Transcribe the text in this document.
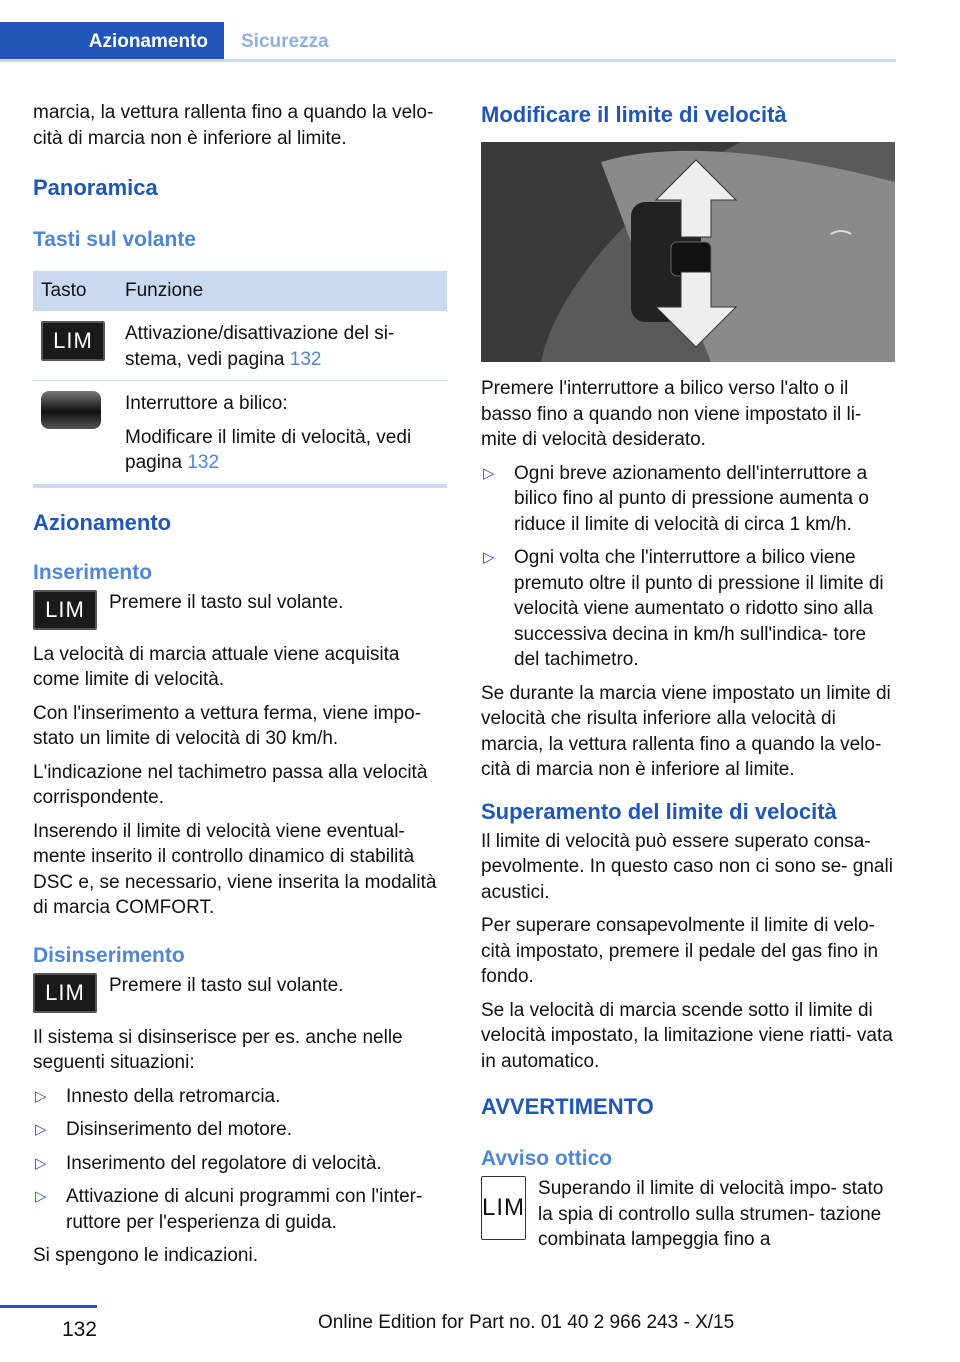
Azionamento	Sicurezza

marcia, la vettura rallenta fino a quando la velo- cità di marcia non è inferiore al limite.

Panoramica
Tasti sul volante
Tasto	Funzione
LIM	Attivazione/disattivazione del si- stema, vedi pagina 132

	Interruttore a bilico:

Modificare il limite di velocità, vedi pagina 132
Azionamento
Inserimento
LIM	Premere il tasto sul volante.

La velocità di marcia attuale viene acquisita come limite di velocità.

Con l'inserimento a vettura ferma, viene impo- stato un limite di velocità di 30 km/h.

L'indicazione nel tachimetro passa alla velocità corrispondente.

Inserendo il limite di velocità viene eventual- mente inserito il controllo dinamico di stabilità DSC e, se necessario, viene inserita la modalità di marcia COMFORT.

Disinserimento
LIM	Premere il tasto sul volante.

Il sistema si disinserisce per es. anche nelle seguenti situazioni:

▷ Innesto della retromarcia.
▷ Disinserimento del motore.
▷ Inserimento del regolatore di velocità.
▷ Attivazione di alcuni programmi con l'inter- ruttore per l'esperienza di guida.

Si spengono le indicazioni.

Modificare il limite di velocità

Premere l'interruttore a bilico verso l'alto o il basso fino a quando non viene impostato il li- mite di velocità desiderato.

▷ Ogni breve azionamento dell'interruttore a bilico fino al punto di pressione aumenta o riduce il limite di velocità di circa 1 km/h.
▷ Ogni volta che l'interruttore a bilico viene premuto oltre il punto di pressione il limite di velocità viene aumentato o ridotto sino alla successiva decina in km/h sull'indica- tore del tachimetro.

Se durante la marcia viene impostato un limite di velocità che risulta inferiore alla velocità di marcia, la vettura rallenta fino a quando la velo- cità di marcia non è inferiore al limite.

Superamento del limite di velocità

Il limite di velocità può essere superato consa- pevolmente. In questo caso non ci sono se- gnali acustici.

Per superare consapevolmente il limite di velo- cità impostato, premere il pedale del gas fino in fondo.

Se la velocità di marcia scende sotto il limite di velocità impostato, la limitazione viene riatti- vata in automatico.

AVVERTIMENTO
Avviso ottico
LIM

Superando il limite di velocità impo- stato la spia di controllo sulla strumen- tazione combinata lampeggia fino a

132	Online Edition for Part no. 01 40 2 966 243 - X/15
